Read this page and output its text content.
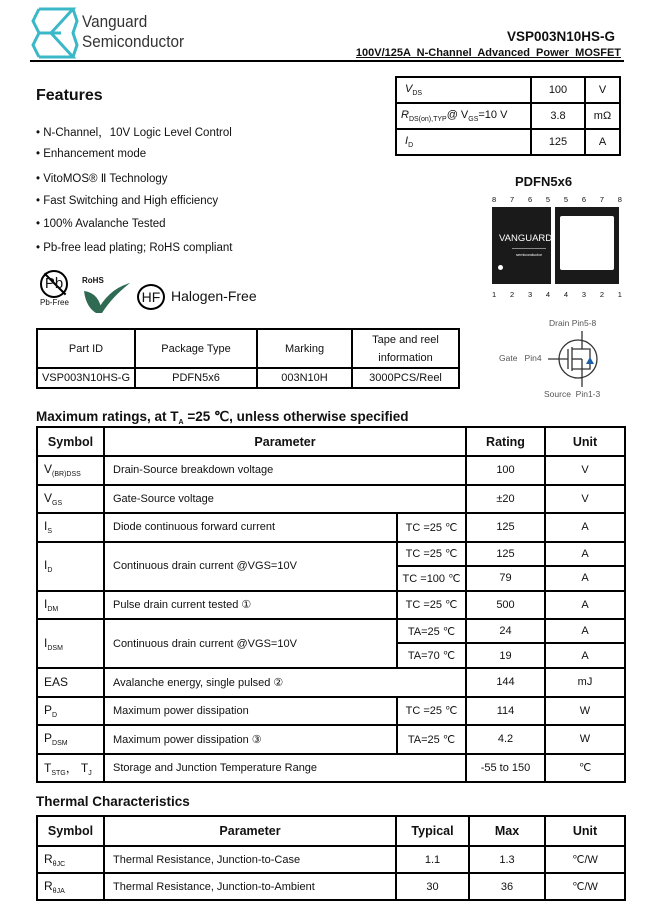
Vanguard
Semiconductor	VSP003N10HS-G
100V/125A  N-Channel  Advanced  Power  MOSFET
Features
• N-Channel，10V Logic Level Control
• Enhancement mode
• VitoMOS® Ⅱ Technology
• Fast Switching and High efficiency
• 100% Avalanche Tested
• Pb-free lead plating; RoHS compliant
Pb
Pb-Free
RoHS
HF Halogen-Free
$V_{DS}$	100	V
$R_{DS(on),TYP}@$ $V_{GS}=10$ V	3.8	mΩ
$I_D$	125	A
PDFN5x6
8 7 6 5 5 6 7 8
VANGUARD
semiconductor
1 2 3 4 4 3 2 1
Drain Pin5-8
Gate Pin4
Source Pin1-3
Part ID	Package Type	Marking	Tape and reel information
VSP003N10HS-G	PDFN5x6	003N10H	3000PCS/Reel
Maximum ratings, at $T_A =25$ ℃, unless otherwise specified
Symbol	Parameter		Rating	Unit
$V_{(BR)DSS}$	Drain-Source breakdown voltage		100	V
$V_{GS}$	Gate-Source voltage		±20	V
$I_S$	Diode continuous forward current	TC =25 ℃	125	A
$I_D$	Continuous drain current @VGS=10V	TC =25 ℃	125	A
		TC =100 ℃	79	A
$I_{DM}$	Pulse drain current tested ①	TC =25 ℃	500	A
$I_{DSM}$	Continuous drain current @VGS=10V	TA=25 ℃	24	A
		TA=70 ℃	19	A
EAS	Avalanche energy, single pulsed ②		144	mJ
$P_D$	Maximum power dissipation	TC =25 ℃	114	W
$P_{DSM}$	Maximum power dissipation ③	TA=25 ℃	4.2	W
$T_{STG}$， $T_J$	Storage and Junction Temperature Range		-55 to 150	℃
Thermal Characteristics
Symbol	Parameter	Typical	Max	Unit
$R_{\theta JC}$	Thermal Resistance, Junction-to-Case	1.1	1.3	℃/W
$R_{\theta JA}$	Thermal Resistance, Junction-to-Ambient	30	36	℃/W
